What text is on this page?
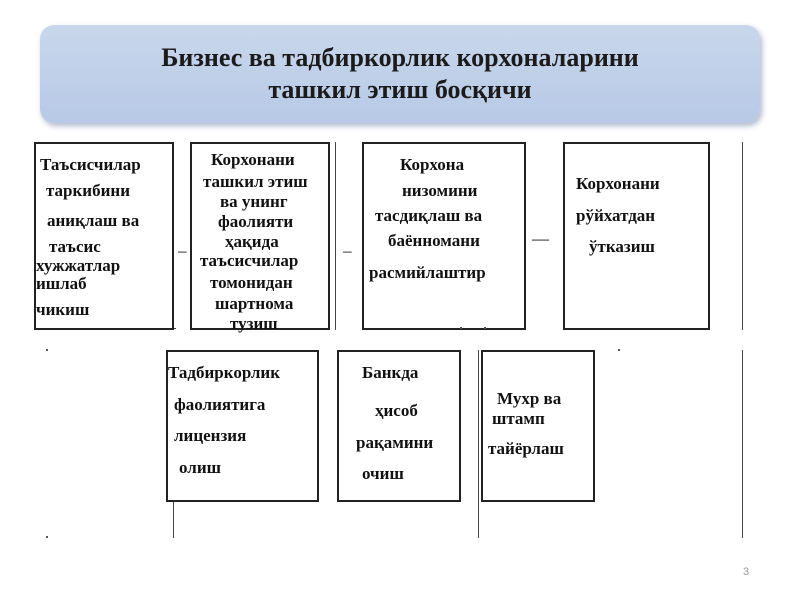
Бизнес ва тадбиркорлик корхоналарини
ташкил этиш босқичи
–	–
—
Таъсисчилар
таркибини
аниқлаш ва
таъсис
хужжатлар
ишлаб
чикиш
Корхонани
ташкил этиш
ва унинг
фаолияти
ҳақида
таъсисчилар
томонидан
шартнома
тузиш
Корхона
низомини
тасдиқлаш ва
баённомани
расмийлаштир
Корхонани
рўйхатдан
ўтказиш
Тадбиркорлик
фаолиятига
лицензия
олиш
Банкда
ҳисоб
рақамини
очиш
Мухр ва
штамп
тайёрлаш
3
